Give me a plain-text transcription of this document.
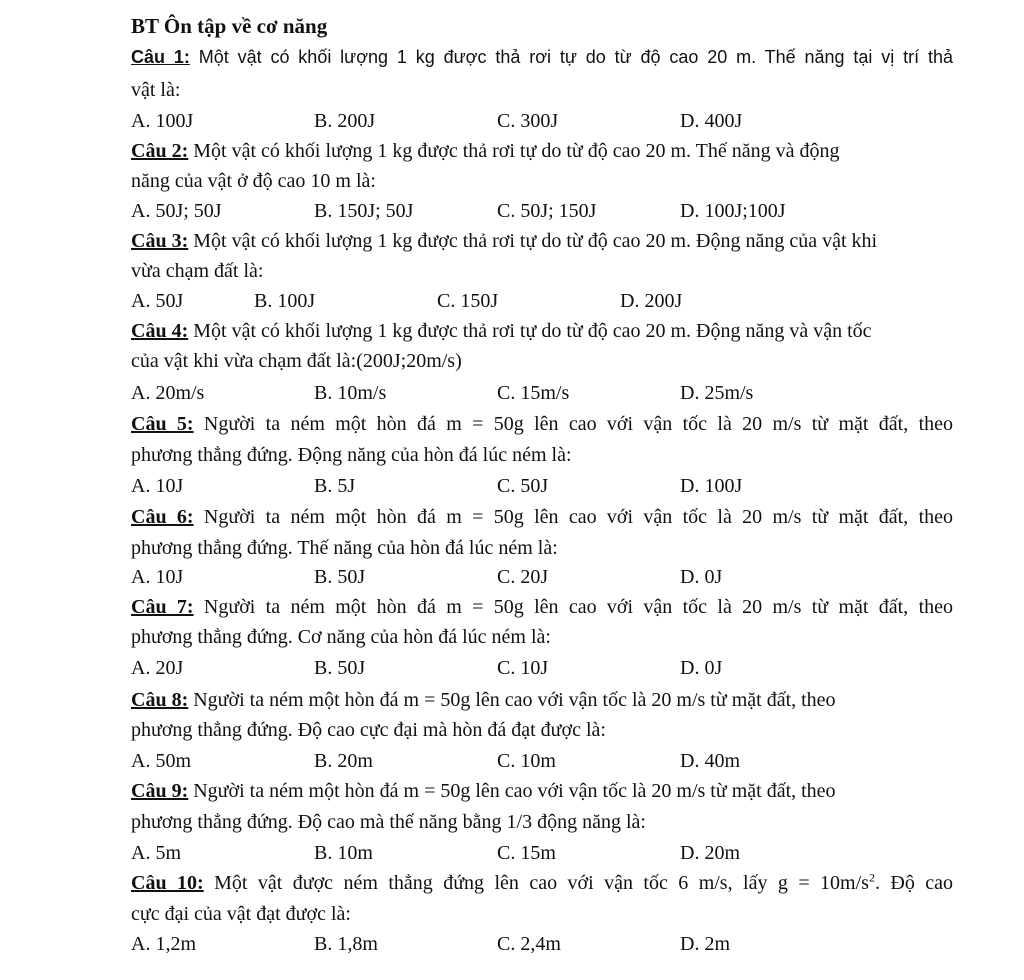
BT Ôn tập về cơ năng
Câu 1: Một vật có khối lượng 1 kg được thả rơi tự do từ độ cao 20 m. Thế năng tại vị trí thả
vật là:
A. 100J	B. 200J	C. 300J	D. 400J
Câu 2: Một vật có khối lượng 1 kg được thả rơi tự do từ độ cao 20 m. Thế năng và động
năng của vật ở độ cao 10 m là:
A. 50J; 50J	B. 150J; 50J	C. 50J; 150J	D. 100J;100J
Câu 3: Một vật có khối lượng 1 kg được thả rơi tự do từ độ cao 20 m. Động năng của vật khi
vừa chạm đất là:
A. 50J	B. 100J	C. 150J	D. 200J
Câu 4: Một vật có khối lượng 1 kg được thả rơi tự do từ độ cao 20 m. Động năng và vận tốc
của vật khi vừa chạm đất là:(200J;20m/s)
A. 20m/s	B. 10m/s	C. 15m/s	D. 25m/s
Câu 5: Người ta ném một hòn đá m = 50g lên cao với vận tốc là 20 m/s từ mặt đất, theo
phương thẳng đứng. Động năng của hòn đá lúc ném là:
A. 10J	B. 5J	C. 50J	D. 100J
Câu 6: Người ta ném một hòn đá m = 50g lên cao với vận tốc là 20 m/s từ mặt đất, theo
phương thẳng đứng. Thế năng của hòn đá lúc ném là:
A. 10J	B. 50J	C. 20J	D. 0J
Câu 7: Người ta ném một hòn đá m = 50g lên cao với vận tốc là 20 m/s từ mặt đất, theo
phương thẳng đứng. Cơ năng của hòn đá lúc ném là:
A. 20J	B. 50J	C. 10J	D. 0J
Câu 8: Người ta ném một hòn đá m = 50g lên cao với vận tốc là 20 m/s từ mặt đất, theo
phương thẳng đứng. Độ cao cực đại mà hòn đá đạt được là:
A. 50m	B. 20m	C. 10m	D. 40m
Câu 9: Người ta ném một hòn đá m = 50g lên cao với vận tốc là 20 m/s từ mặt đất, theo
phương thẳng đứng. Độ cao mà thế năng bằng 1/3 động năng là:
A. 5m	B. 10m	C. 15m	D. 20m
Câu 10: Một vật được ném thẳng đứng lên cao với vận tốc 6 m/s, lấy $g = 10m/s^2$. Độ cao
cực đại của vật đạt được là:
A. 1,2m	B. 1,8m	C. 2,4m	D. 2m
